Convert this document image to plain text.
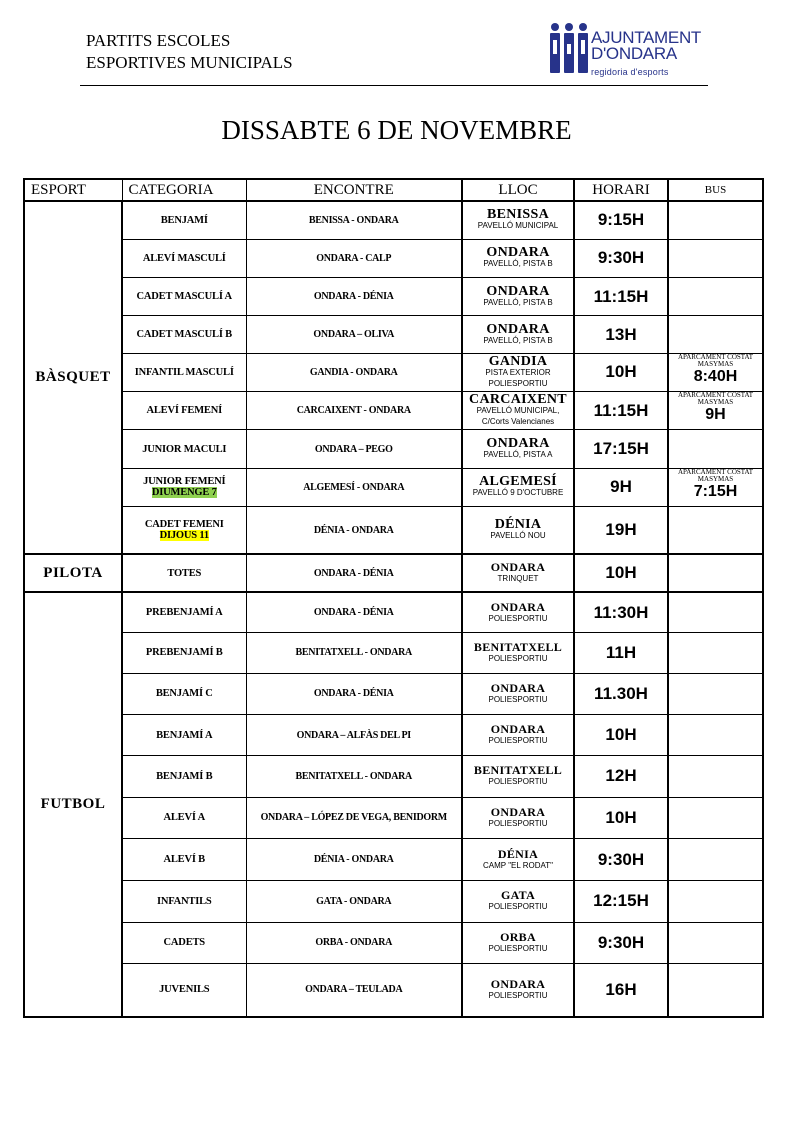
PARTITS ESCOLES
ESPORTIVES MUNICIPALS
AJUNTAMENT
D'ONDARA
regidoria d'esports
DISSABTE 6 DE NOVEMBRE
ESPORT	CATEGORIA	ENCONTRE	LLOC	HORARI	BUS
BÀSQUET	BENJAMÍ	BENISSA - ONDARA	BENISSA
PAVELLÓ MUNICIPAL	9:15H	
	ALEVÍ MASCULÍ	ONDARA - CALP	ONDARA
PAVELLÓ, PISTA B	9:30H	
	CADET MASCULÍ A	ONDARA - DÉNIA	ONDARA
PAVELLÓ, PISTA B	11:15H	
	CADET MASCULÍ B	ONDARA – OLIVA	ONDARA
PAVELLÓ, PISTA B	13H	
	INFANTIL MASCULÍ	GANDIA - ONDARA	GANDIA
PISTA EXTERIOR POLIESPORTIU	10H	APARCAMENT COSTAT MASYMAS
8:40H

	ALEVÍ FEMENÍ	CARCAIXENT - ONDARA	CARCAIXENT
PAVELLÓ MUNICIPAL,
C/Corts Valencianes	11:15H	APARCAMENT COSTAT MASYMAS
9H

	JUNIOR MACULI	ONDARA – PEGO	ONDARA
PAVELLÓ, PISTA A	17:15H	
	JUNIOR FEMENÍ
DIUMENGE 7	ALGEMESÍ - ONDARA	ALGEMESÍ
PAVELLÓ 9 D'OCTUBRE	9H	APARCAMENT COSTAT MASYMAS
7:15H

	CADET FEMENI
DIJOUS 11	DÉNIA - ONDARA	DÉNIA
PAVELLÓ NOU	19H	
PILOTA	TOTES	ONDARA - DÉNIA	ONDARA
TRINQUET	10H	
FUTBOL	PREBENJAMÍ A	ONDARA - DÉNIA	ONDARA
POLIESPORTIU	11:30H	
	PREBENJAMÍ B	BENITATXELL - ONDARA	BENITATXELL
POLIESPORTIU	11H	
	BENJAMÍ C	ONDARA - DÉNIA	ONDARA
POLIESPORTIU	11.30H	
	BENJAMÍ A	ONDARA – ALFÀS DEL PI	ONDARA
POLIESPORTIU	10H	
	BENJAMÍ B	BENITATXELL - ONDARA	BENITATXELL
POLIESPORTIU	12H	
	ALEVÍ A	ONDARA – LÓPEZ DE VEGA, BENIDORM	ONDARA
POLIESPORTIU	10H	
	ALEVÍ B	DÉNIA - ONDARA	DÉNIA
CAMP "EL RODAT"	9:30H	
	INFANTILS	GATA - ONDARA	GATA
POLIESPORTIU	12:15H	
	CADETS	ORBA - ONDARA	ORBA
POLIESPORTIU	9:30H	
	JUVENILS	ONDARA – TEULADA	ONDARA
POLIESPORTIU	16H	
